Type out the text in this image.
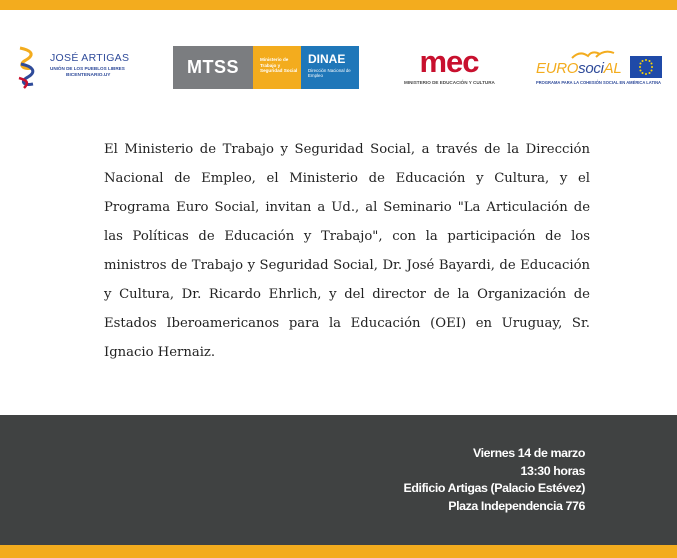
JOSÉ ARTIGAS
UNIÓN DE LOS PUEBLOS LIBRES
BICENTENARIO.UY	MTSS	Ministerio de Trabajo y Seguridad Social
DINAE
Dirección Nacional de Empleo	mec
MINISTERIO DE EDUCACIÓN Y CULTURA
EUROsociAL
PROGRAMA PARA LA COHESIÓN SOCIAL EN AMÉRICA LATINA

El Ministerio de Trabajo y Seguridad Social, a través de la Dirección Nacional de Empleo, el Ministerio de Educación y Cultura, y el Programa Euro Social, invitan a Ud., al Seminario "La Articulación de las Políticas de Educación y Trabajo", con la participación de los ministros de Trabajo y Seguridad Social, Dr. José Bayardi, de Educación y Cultura, Dr. Ricardo Ehrlich, y del director de la Organización de Estados Iberoamericanos para la Educación (OEI) en Uruguay, Sr. Ignacio Hernaiz.

Viernes 14 de marzo
13:30 horas
Edificio Artigas (Palacio Estévez)
Plaza Independencia 776
